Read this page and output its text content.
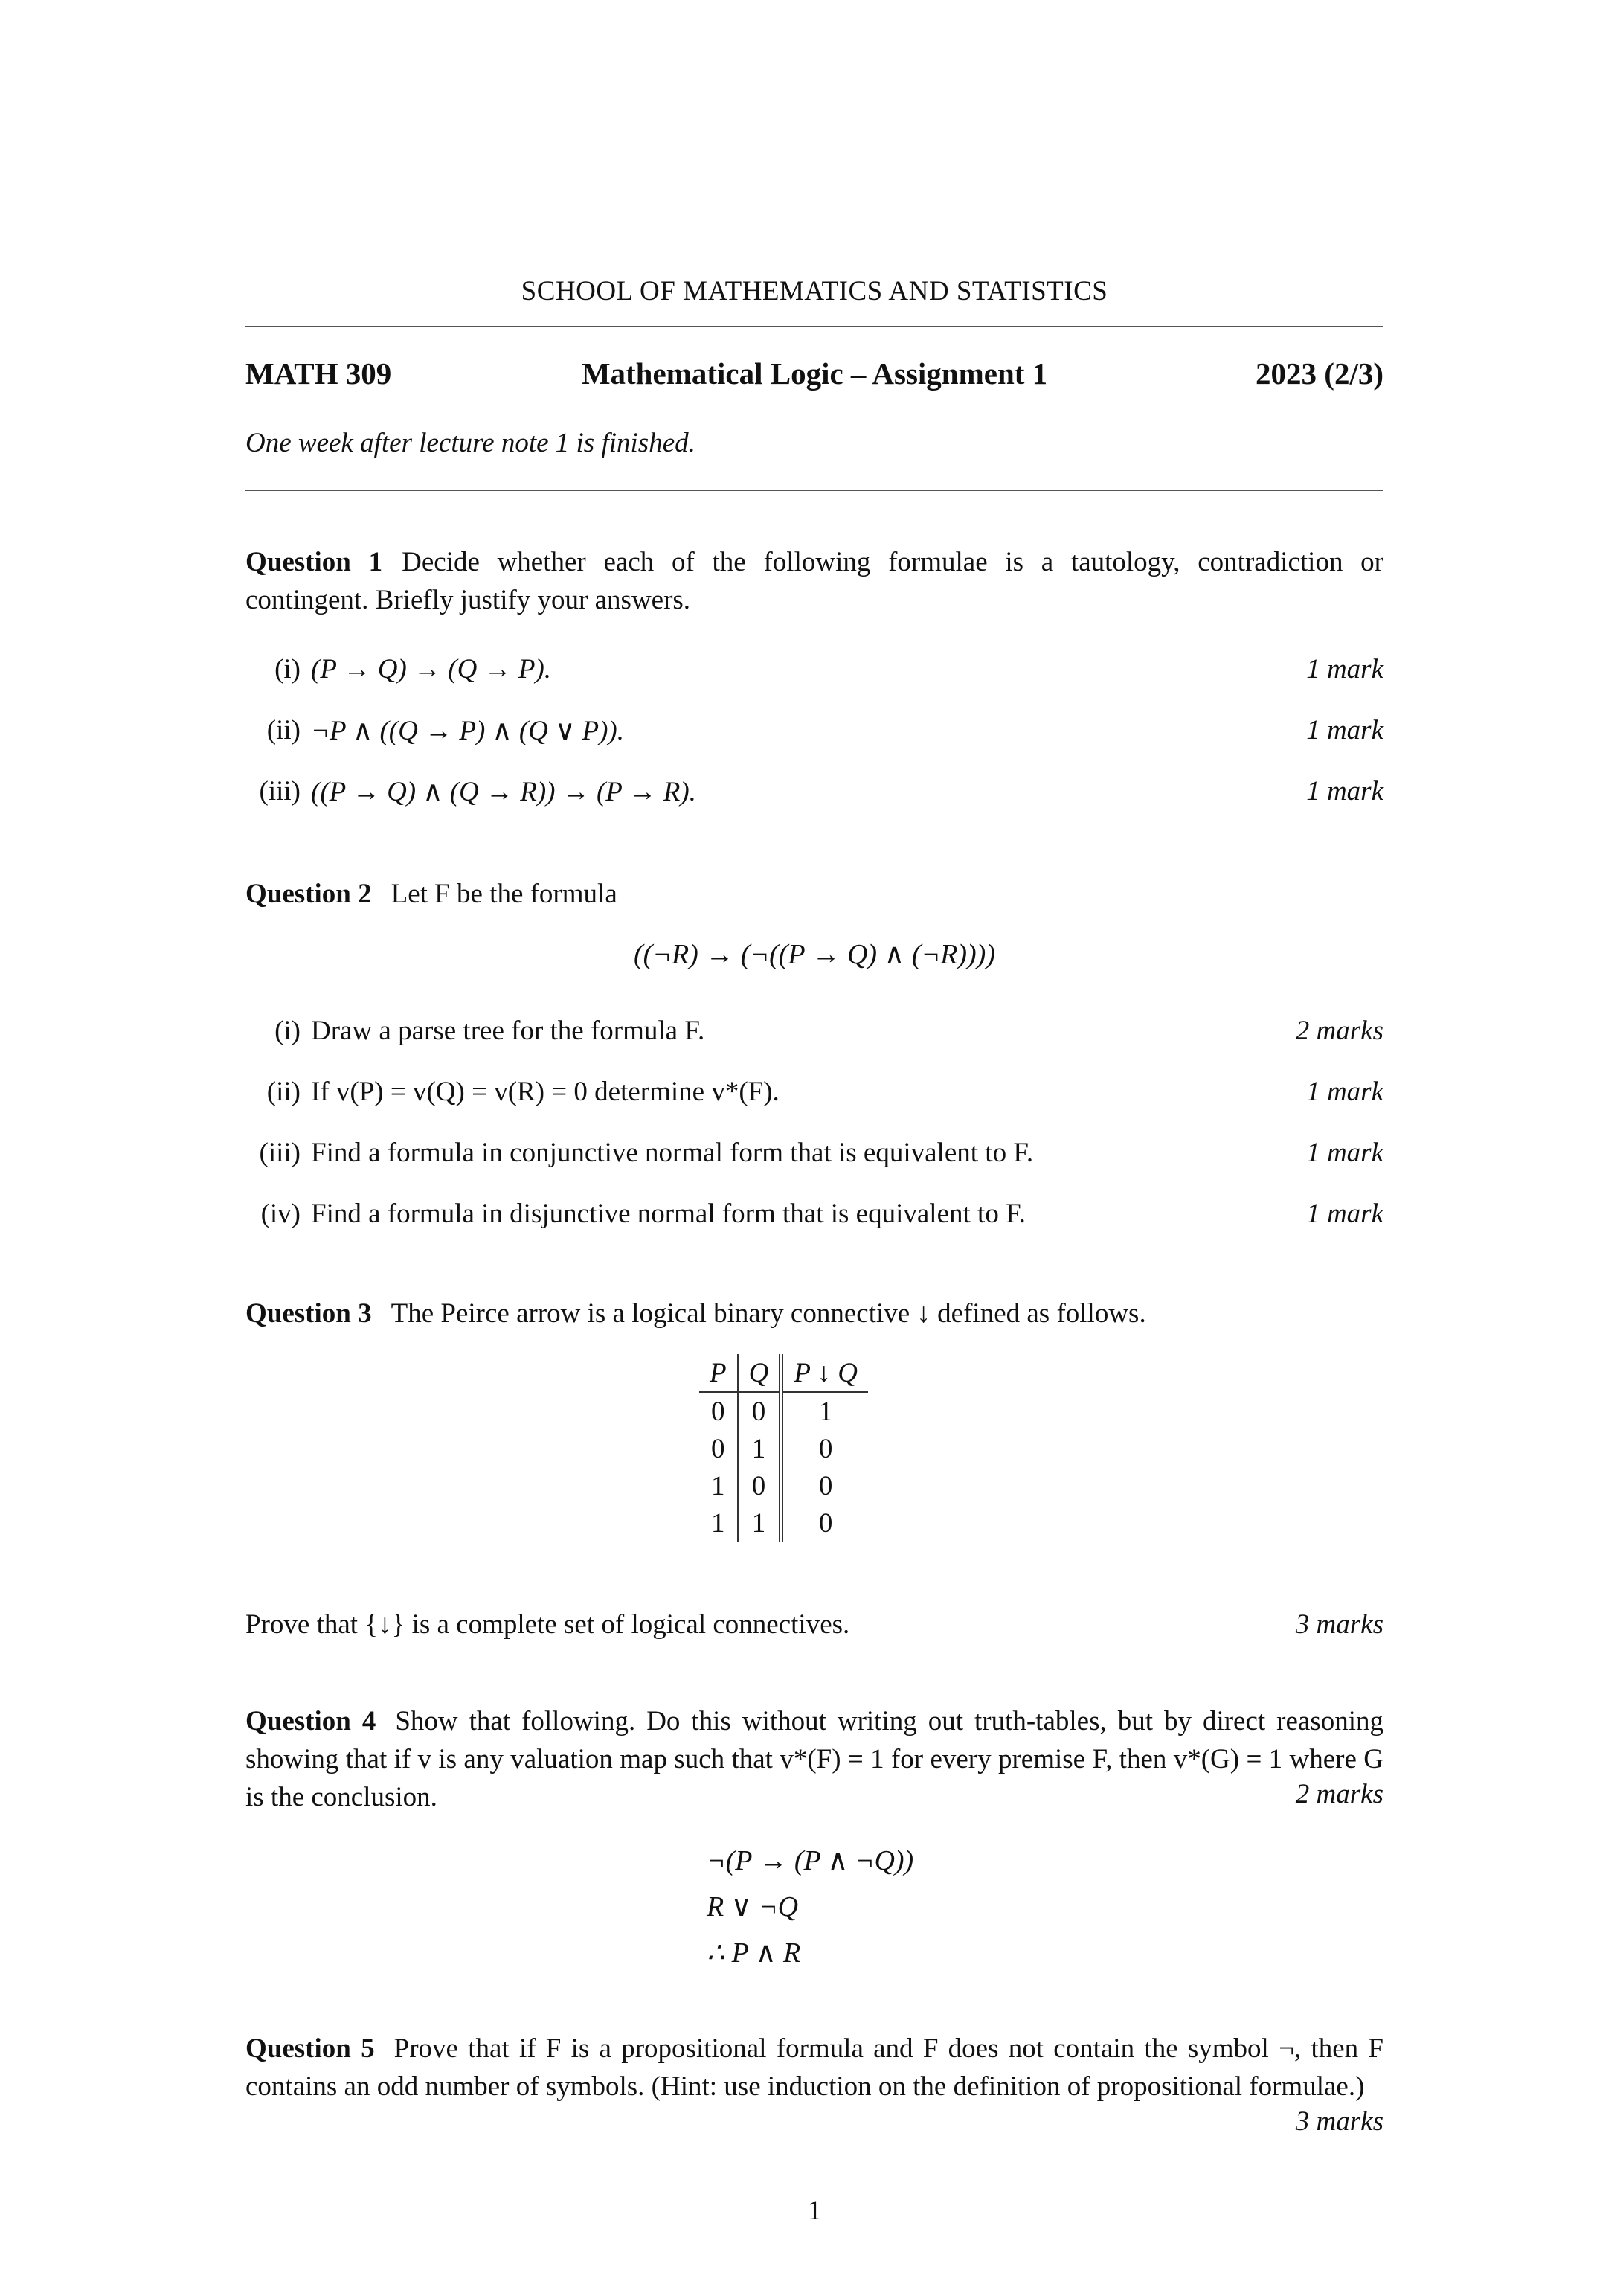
SCHOOL OF MATHEMATICS AND STATISTICS
MATH 309	Mathematical Logic – Assignment 1	2023 (2/3)
One week after lecture note 1 is finished.
Question 1 Decide whether each of the following formulae is a tautology, contradiction or contingent. Briefly justify your answers.
(i) (P → Q) → (Q → P).	1 mark
(ii) ¬P ∧ ((Q → P) ∧ (Q ∨ P)).	1 mark
(iii) ((P → Q) ∧ (Q → R)) → (P → R).	1 mark
Question 2 Let F be the formula
((¬R) → (¬((P → Q) ∧ (¬R))))
(i) Draw a parse tree for the formula F.	2 marks
(ii) If v(P) = v(Q) = v(R) = 0 determine v*(F).	1 mark
(iii) Find a formula in conjunctive normal form that is equivalent to F.	1 mark
(iv) Find a formula in disjunctive normal form that is equivalent to F.	1 mark
Question 3 The Peirce arrow is a logical binary connective ↓ defined as follows.
P	Q	P ↓ Q
0	0	1
0	1	0
1	0	0
1	1	0
Prove that {↓} is a complete set of logical connectives.	3 marks
Question 4 Show that following. Do this without writing out truth-tables, but by direct reasoning showing that if v is any valuation map such that v*(F) = 1 for every premise F, then v*(G) = 1 where G is the conclusion.	2 marks
¬(P → (P ∧ ¬Q))
R ∨ ¬Q
∴ P ∧ R
Question 5 Prove that if F is a propositional formula and F does not contain the symbol ¬, then F contains an odd number of symbols. (Hint: use induction on the definition of propositional formulae.)
3 marks
1
